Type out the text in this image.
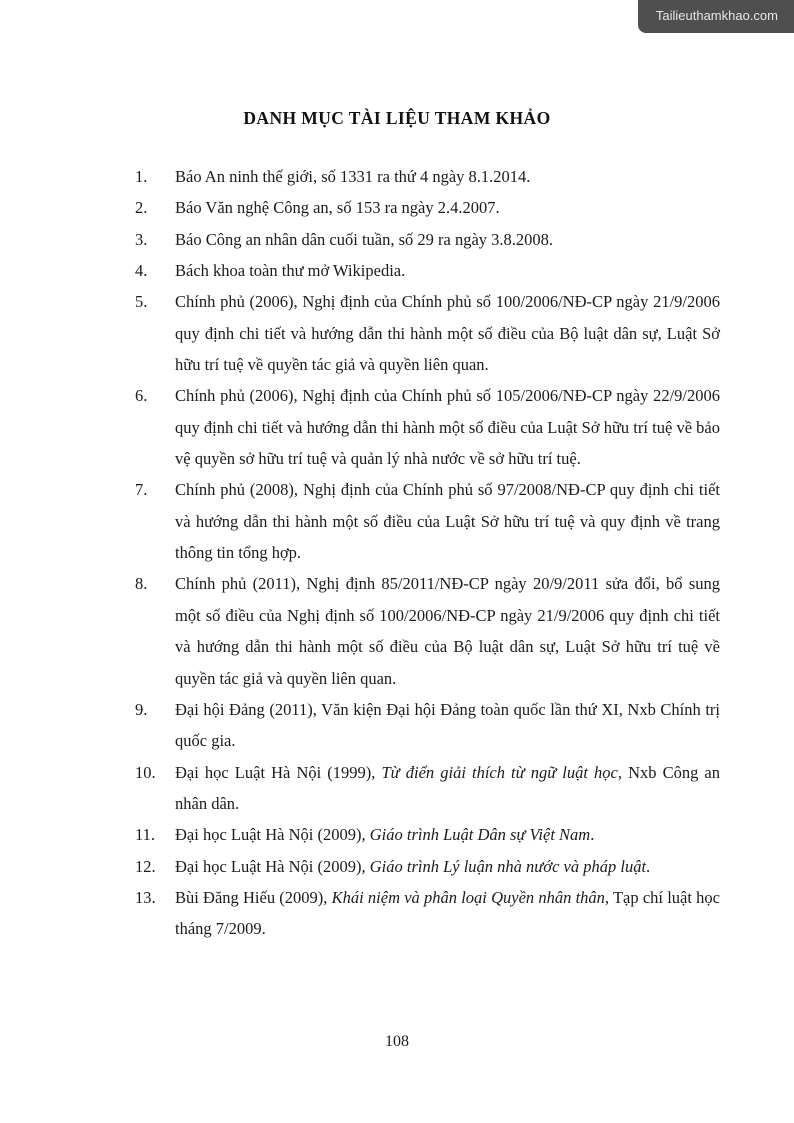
Tailieuthamkhao.com
DANH MỤC TÀI LIỆU THAM KHẢO
1. Báo An ninh thế giới, số 1331 ra thứ 4 ngày 8.1.2014.
2. Báo Văn nghệ Công an, số 153 ra ngày 2.4.2007.
3. Báo Công an nhân dân cuối tuần, số 29 ra ngày 3.8.2008.
4. Bách khoa toàn thư mở Wikipedia.
5. Chính phủ (2006), Nghị định của Chính phủ số 100/2006/NĐ-CP ngày 21/9/2006 quy định chi tiết và hướng dẫn thi hành một số điều của Bộ luật dân sự, Luật Sở hữu trí tuệ về quyền tác giả và quyền liên quan.
6. Chính phủ (2006), Nghị định của Chính phủ số 105/2006/NĐ-CP ngày 22/9/2006 quy định chi tiết và hướng dẫn thi hành một số điều của Luật Sở hữu trí tuệ về bảo vệ quyền sở hữu trí tuệ và quản lý nhà nước về sở hữu trí tuệ.
7. Chính phủ (2008), Nghị định của Chính phủ số 97/2008/NĐ-CP quy định chi tiết và hướng dẫn thi hành một số điều của Luật Sở hữu trí tuệ và quy định về trang thông tin tổng hợp.
8. Chính phủ (2011), Nghị định 85/2011/NĐ-CP ngày 20/9/2011 sửa đổi, bổ sung một số điều của Nghị định số 100/2006/NĐ-CP ngày 21/9/2006 quy định chi tiết và hướng dẫn thi hành một số điều của Bộ luật dân sự, Luật Sở hữu trí tuệ về quyền tác giả và quyền liên quan.
9. Đại hội Đảng (2011), Văn kiện Đại hội Đảng toàn quốc lần thứ XI, Nxb Chính trị quốc gia.
10. Đại học Luật Hà Nội (1999), Từ điển giải thích từ ngữ luật học, Nxb Công an nhân dân.
11. Đại học Luật Hà Nội (2009), Giáo trình Luật Dân sự Việt Nam.
12. Đại học Luật Hà Nội (2009), Giáo trình Lý luận nhà nước và pháp luật.
13. Bùi Đăng Hiếu (2009), Khái niệm và phân loại Quyền nhân thân, Tạp chí luật học tháng 7/2009.
108
